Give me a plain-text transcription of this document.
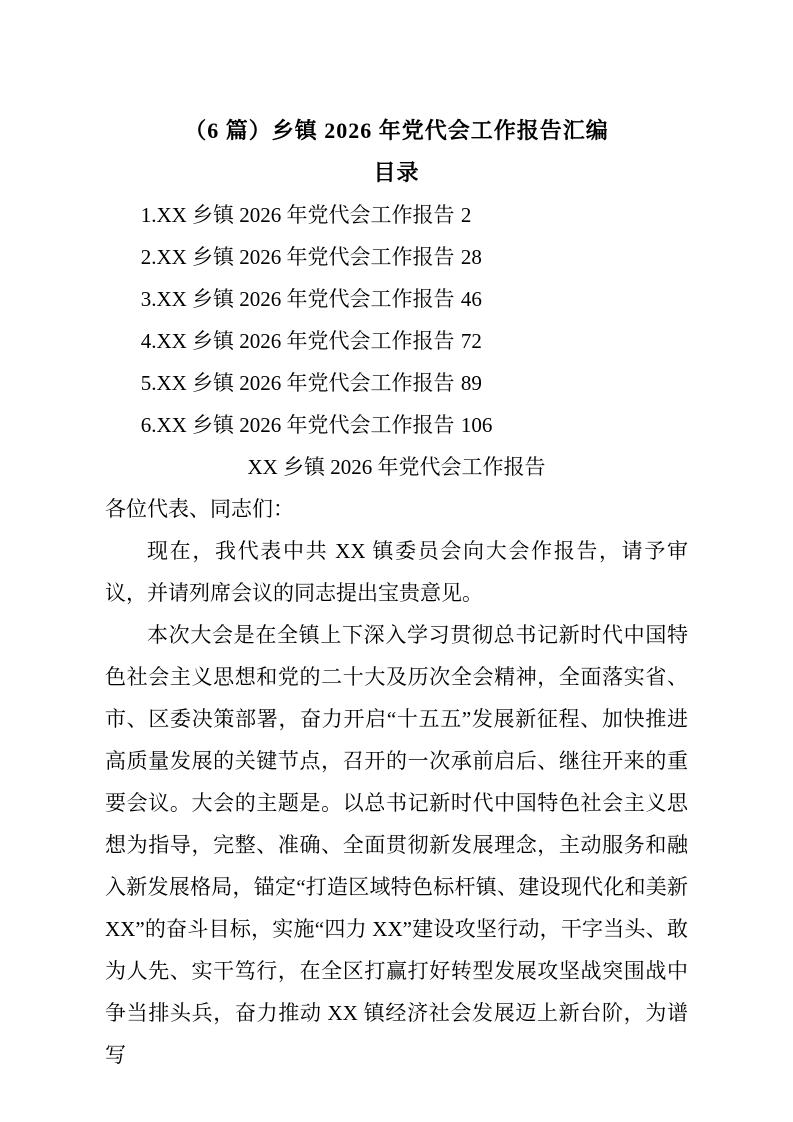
（6 篇）乡镇 2026 年党代会工作报告汇编
目录
1.XX 乡镇 2026 年党代会工作报告 2
2.XX 乡镇 2026 年党代会工作报告 28
3.XX 乡镇 2026 年党代会工作报告 46
4.XX 乡镇 2026 年党代会工作报告 72
5.XX 乡镇 2026 年党代会工作报告 89
6.XX 乡镇 2026 年党代会工作报告 106
XX 乡镇 2026 年党代会工作报告

各位代表、同志们：

现在，我代表中共 XX 镇委员会向大会作报告，请予审议，并请列席会议的同志提出宝贵意见。

本次大会是在全镇上下深入学习贯彻总书记新时代中国特色社会主义思想和党的二十大及历次全会精神，全面落实省、市、区委决策部署，奋力开启“十五五”发展新征程、加快推进高质量发展的关键节点，召开的一次承前启后、继往开来的重要会议。大会的主题是。以总书记新时代中国特色社会主义思想为指导，完整、准确、全面贯彻新发展理念，主动服务和融入新发展格局，锚定“打造区域特色标杆镇、建设现代化和美新 XX”的奋斗目标，实施“四力 XX”建设攻坚行动，干字当头、敢为人先、实干笃行，在全区打赢打好转型发展攻坚战突围战中争当排头兵，奋力推动 XX 镇经济社会发展迈上新台阶，为谱写
